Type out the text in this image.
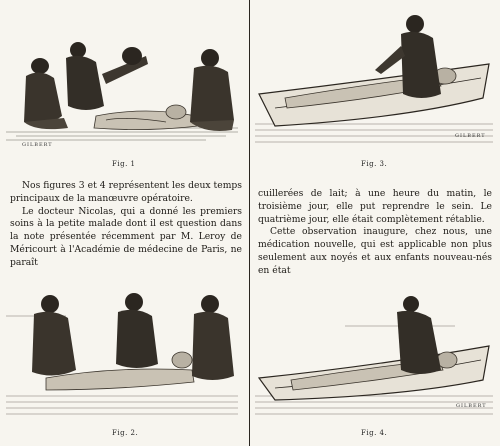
GILBERT
Fig. 1
GILBERT
Fig. 3.

Nos figures 3 et 4 représentent les deux temps principaux de la manœuvre opératoire.

Le docteur Nicolas, qui a donné les premiers soins à la petite malade dont il est question dans la note présentée récemment par M. Leroy de Méricourt à l'Académie de médecine de Paris, ne paraît

cuillerées de lait; à une heure du matin, le troisième jour, elle put reprendre le sein. Le quatrième jour, elle était complètement rétablie.

Cette observation inaugure, chez nous, une médication nouvelle, qui est applicable non plus seulement aux noyés et aux enfants nouveau-nés en état

Fig. 2.
GILBERT
Fig. 4.
